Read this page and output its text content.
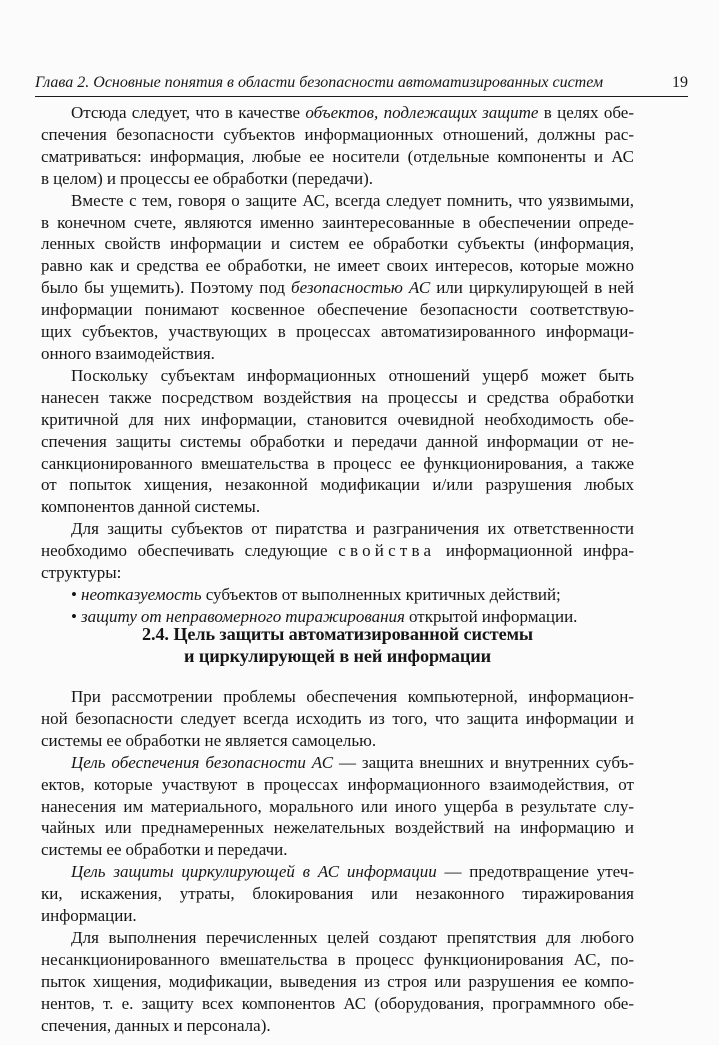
Глава 2. Основные понятия в области безопасности автоматизированных систем	19
Отсюда следует, что в качестве объектов, подлежащих защите в целях обе-
спечения безопасности субъектов информационных отношений, должны рас-
сматриваться: информация, любые ее носители (отдельные компоненты и АС
в целом) и процессы ее обработки (передачи).
Вместе с тем, говоря о защите АС, всегда следует помнить, что уязвимыми,
в конечном счете, являются именно заинтересованные в обеспечении опреде-
ленных свойств информации и систем ее обработки субъекты (информация,
равно как и средства ее обработки, не имеет своих интересов, которые можно
было бы ущемить). Поэтому под безопасностью АС или циркулирующей в ней
информации понимают косвенное обеспечение безопасности соответствую-
щих субъектов, участвующих в процессах автоматизированного информаци-
онного взаимодействия.
Поскольку субъектам информационных отношений ущерб может быть
нанесен также посредством воздействия на процессы и средства обработки
критичной для них информации, становится очевидной необходимость обе-
спечения защиты системы обработки и передачи данной информации от не-
санкционированного вмешательства в процесс ее функционирования, а также
от попыток хищения, незаконной модификации и/или разрушения любых
компонентов данной системы.
Для защиты субъектов от пиратства и разграничения их ответственности
необходимо обеспечивать следующие свойства информационной инфра-
структуры:
• неотказуемость субъектов от выполненных критичных действий;
• защиту от неправомерного тиражирования открытой информации.
2.4. Цель защиты автоматизированной системы
и циркулирующей в ней информации
При рассмотрении проблемы обеспечения компьютерной, информацион-
ной безопасности следует всегда исходить из того, что защита информации и
системы ее обработки не является самоцелью.
Цель обеспечения безопасности АС — защита внешних и внутренних субъ-
ектов, которые участвуют в процессах информационного взаимодействия, от
нанесения им материального, морального или иного ущерба в результате слу-
чайных или преднамеренных нежелательных воздействий на информацию и
системы ее обработки и передачи.
Цель защиты циркулирующей в АС информации — предотвращение утеч-
ки, искажения, утраты, блокирования или незаконного тиражирования
информации.
Для выполнения перечисленных целей создают препятствия для любого
несанкционированного вмешательства в процесс функционирования АС, по-
пыток хищения, модификации, выведения из строя или разрушения ее компо-
нентов, т. е. защиту всех компонентов АС (оборудования, программного обе-
спечения, данных и персонала).
